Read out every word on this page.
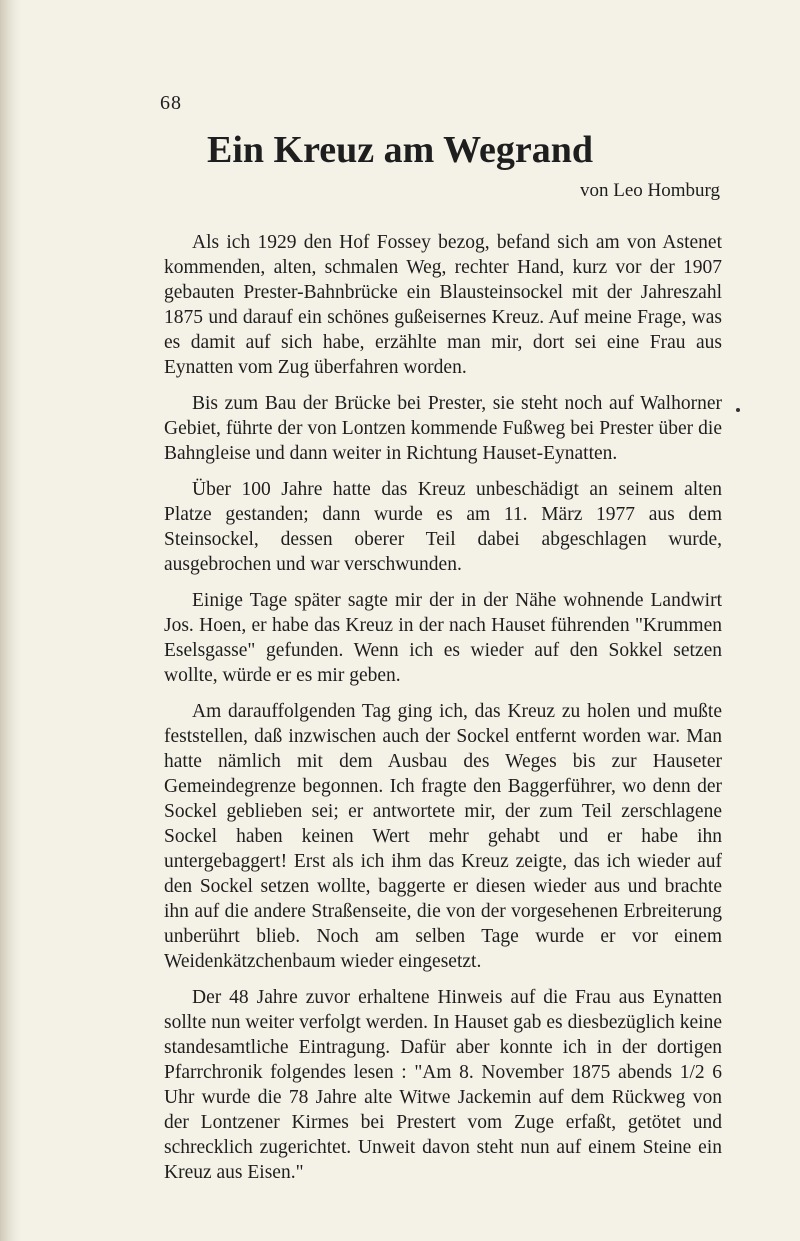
68
Ein Kreuz am Wegrand
von Leo Homburg

Als ich 1929 den Hof Fossey bezog, befand sich am von Astenet kommenden, alten, schmalen Weg, rechter Hand, kurz vor der 1907 gebauten Prester-Bahnbrücke ein Blausteinsockel mit der Jahreszahl 1875 und darauf ein schönes gußeisernes Kreuz. Auf meine Frage, was es damit auf sich habe, erzählte man mir, dort sei eine Frau aus Eynatten vom Zug überfahren worden.

Bis zum Bau der Brücke bei Prester, sie steht noch auf Walhorner Gebiet, führte der von Lontzen kommende Fußweg bei Prester über die Bahngleise und dann weiter in Richtung Hauset-Eynatten.

Über 100 Jahre hatte das Kreuz unbeschädigt an seinem alten Platze gestanden; dann wurde es am 11. März 1977 aus dem Steinsockel, dessen oberer Teil dabei abgeschlagen wurde, ausgebrochen und war verschwunden.

Einige Tage später sagte mir der in der Nähe wohnende Landwirt Jos. Hoen, er habe das Kreuz in der nach Hauset führenden "Krummen Eselsgasse" gefunden. Wenn ich es wieder auf den Sokkel setzen wollte, würde er es mir geben.

Am darauffolgenden Tag ging ich, das Kreuz zu holen und mußte feststellen, daß inzwischen auch der Sockel entfernt worden war. Man hatte nämlich mit dem Ausbau des Weges bis zur Hauseter Gemeindegrenze begonnen. Ich fragte den Baggerführer, wo denn der Sockel geblieben sei; er antwortete mir, der zum Teil zerschlagene Sockel haben keinen Wert mehr gehabt und er habe ihn untergebaggert! Erst als ich ihm das Kreuz zeigte, das ich wieder auf den Sockel setzen wollte, baggerte er diesen wieder aus und brachte ihn auf die andere Straßenseite, die von der vorgesehenen Erbreiterung unberührt blieb. Noch am selben Tage wurde er vor einem Weidenkätzchenbaum wieder eingesetzt.

Der 48 Jahre zuvor erhaltene Hinweis auf die Frau aus Eynatten sollte nun weiter verfolgt werden. In Hauset gab es diesbezüglich keine standesamtliche Eintragung. Dafür aber konnte ich in der dortigen Pfarrchronik folgendes lesen : "Am 8. November 1875 abends 1/2 6 Uhr wurde die 78 Jahre alte Witwe Jackemin auf dem Rückweg von der Lontzener Kirmes bei Prestert vom Zuge erfaßt, getötet und schrecklich zugerichtet. Unweit davon steht nun auf einem Steine ein Kreuz aus Eisen."
